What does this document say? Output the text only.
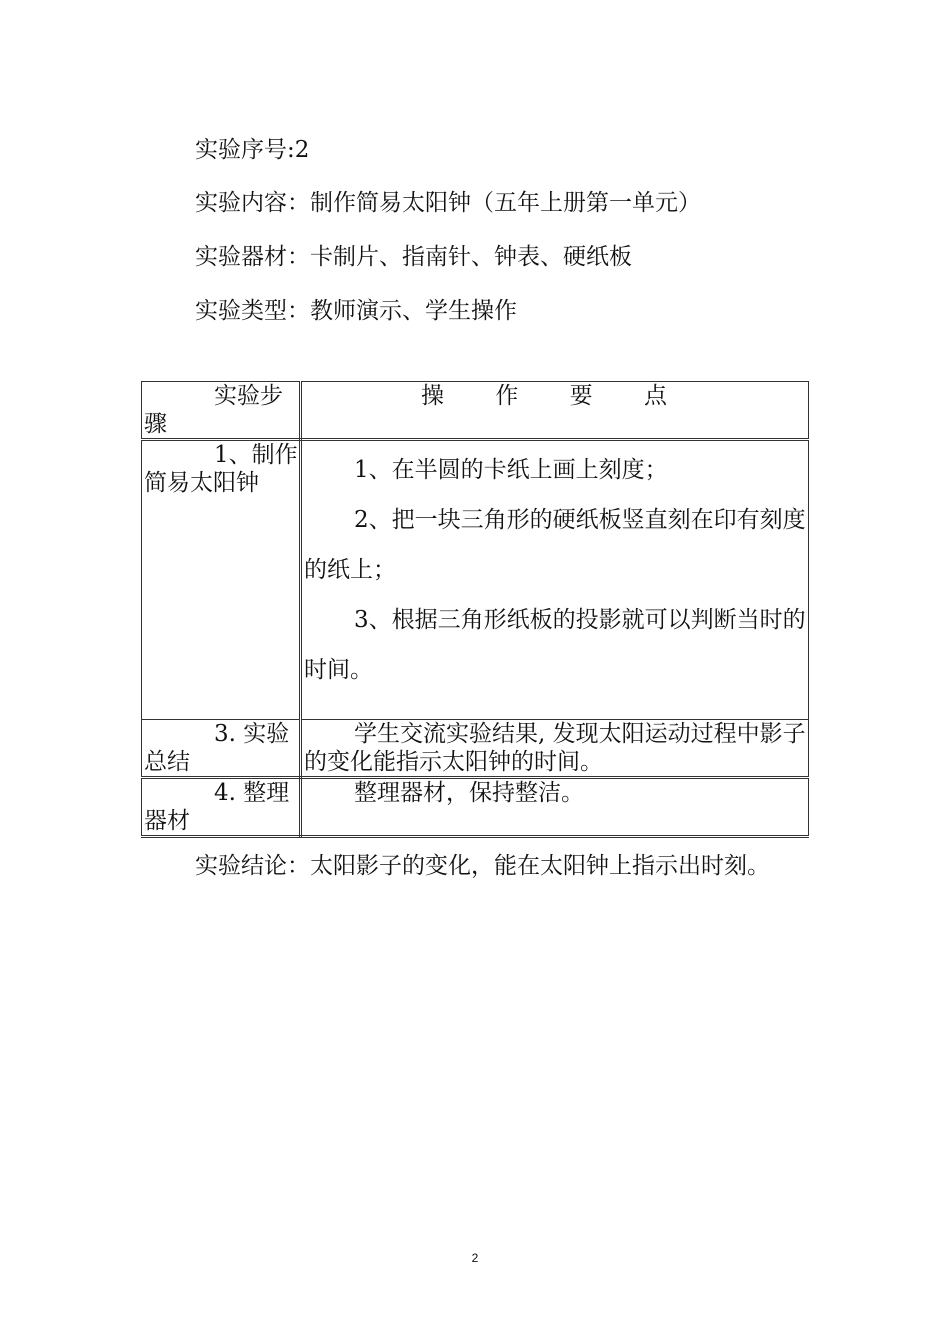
实验序号:2
实验内容：制作简易太阳钟（五年上册第一单元）
实验器材：卡制片、指南针、钟表、硬纸板
实验类型：教师演示、学生操作
实验步骤	操 作 要 点

1、制作简易太阳钟	1、在半圆的卡纸上画上刻度；

2、把一块三角形的硬纸板竖直刻在印有刻度的纸上；

3、根据三角形纸板的投影就可以判断当时的时间。

3. 实验总结	学生交流实验结果, 发现太阳运动过程中影子的变化能指示太阳钟的时间。

4. 整理器材	整理器材，保持整洁。
实验结论：太阳影子的变化，能在太阳钟上指示出时刻。
2
